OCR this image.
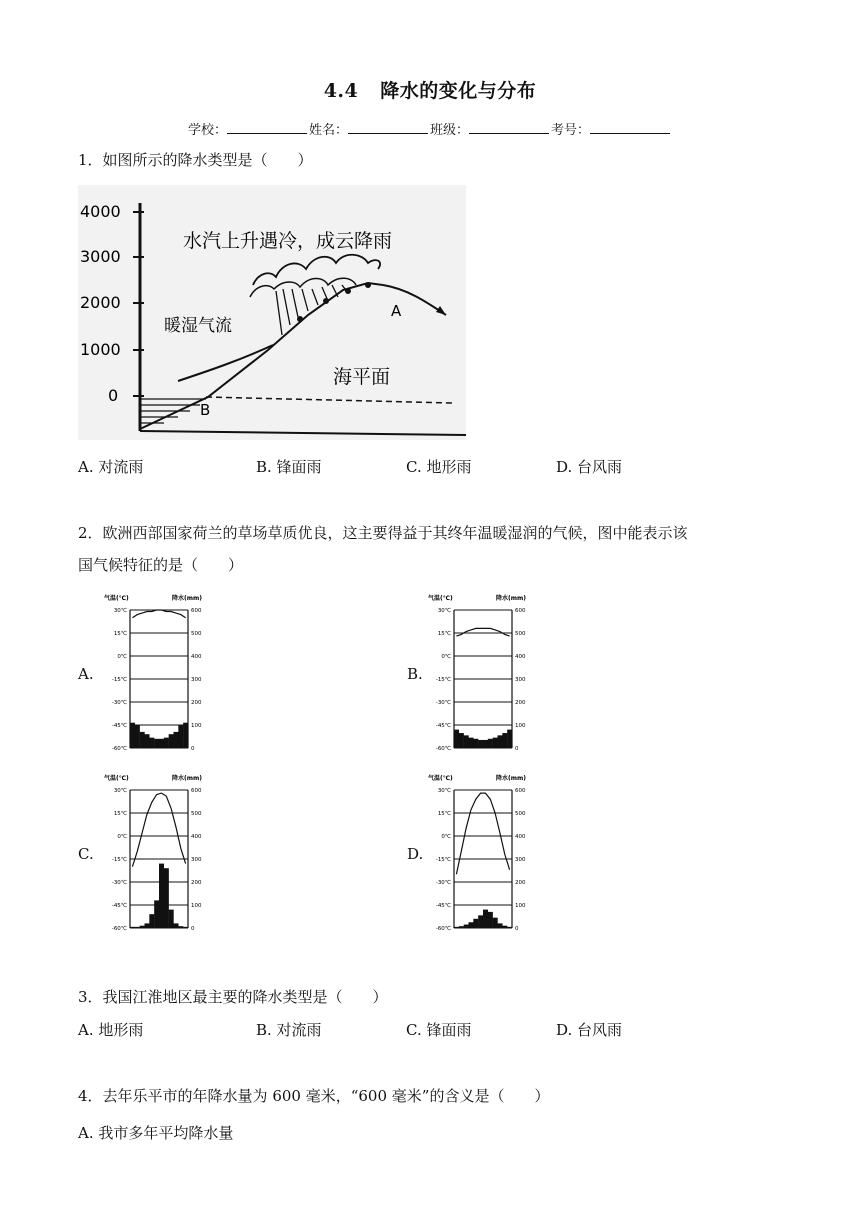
4.4 降水的变化与分布
学校：	姓名：	班级：	考号：
1．如图所示的降水类型是（　　）
4000
3000
2000
1000
0
水汽上升遇冷，成云降雨
暖湿气流
海平面
A
B
A. 对流雨	B. 锋面雨	C. 地形雨	D. 台风雨
2．欧洲西部国家荷兰的草场草质优良，这主要得益于其终年温暖湿润的气候，图中能表示该
国气候特征的是（　　）
A.	B.
C.	D.
气温(℃)	降水(mm)
30℃	600
15℃	500
0℃	400
-15℃	300
-30℃	200
-45℃	100
-60℃	0
气温(℃)	降水(mm)
30℃	600
15℃	500
0℃	400
-15℃	300
-30℃	200
-45℃	100
-60℃	0
气温(℃)	降水(mm)
30℃	600
15℃	500
0℃	400
-15℃	300
-30℃	200
-45℃	100
-60℃	0
气温(℃)	降水(mm)
30℃	600
15℃	500
0℃	400
-15℃	300
-30℃	200
-45℃	100
-60℃	0
3．我国江淮地区最主要的降水类型是（　　）
A. 地形雨	B. 对流雨	C. 锋面雨	D. 台风雨
4．去年乐平市的年降水量为 600 毫米，“600 毫米”的含义是（　　）
A. 我市多年平均降水量
